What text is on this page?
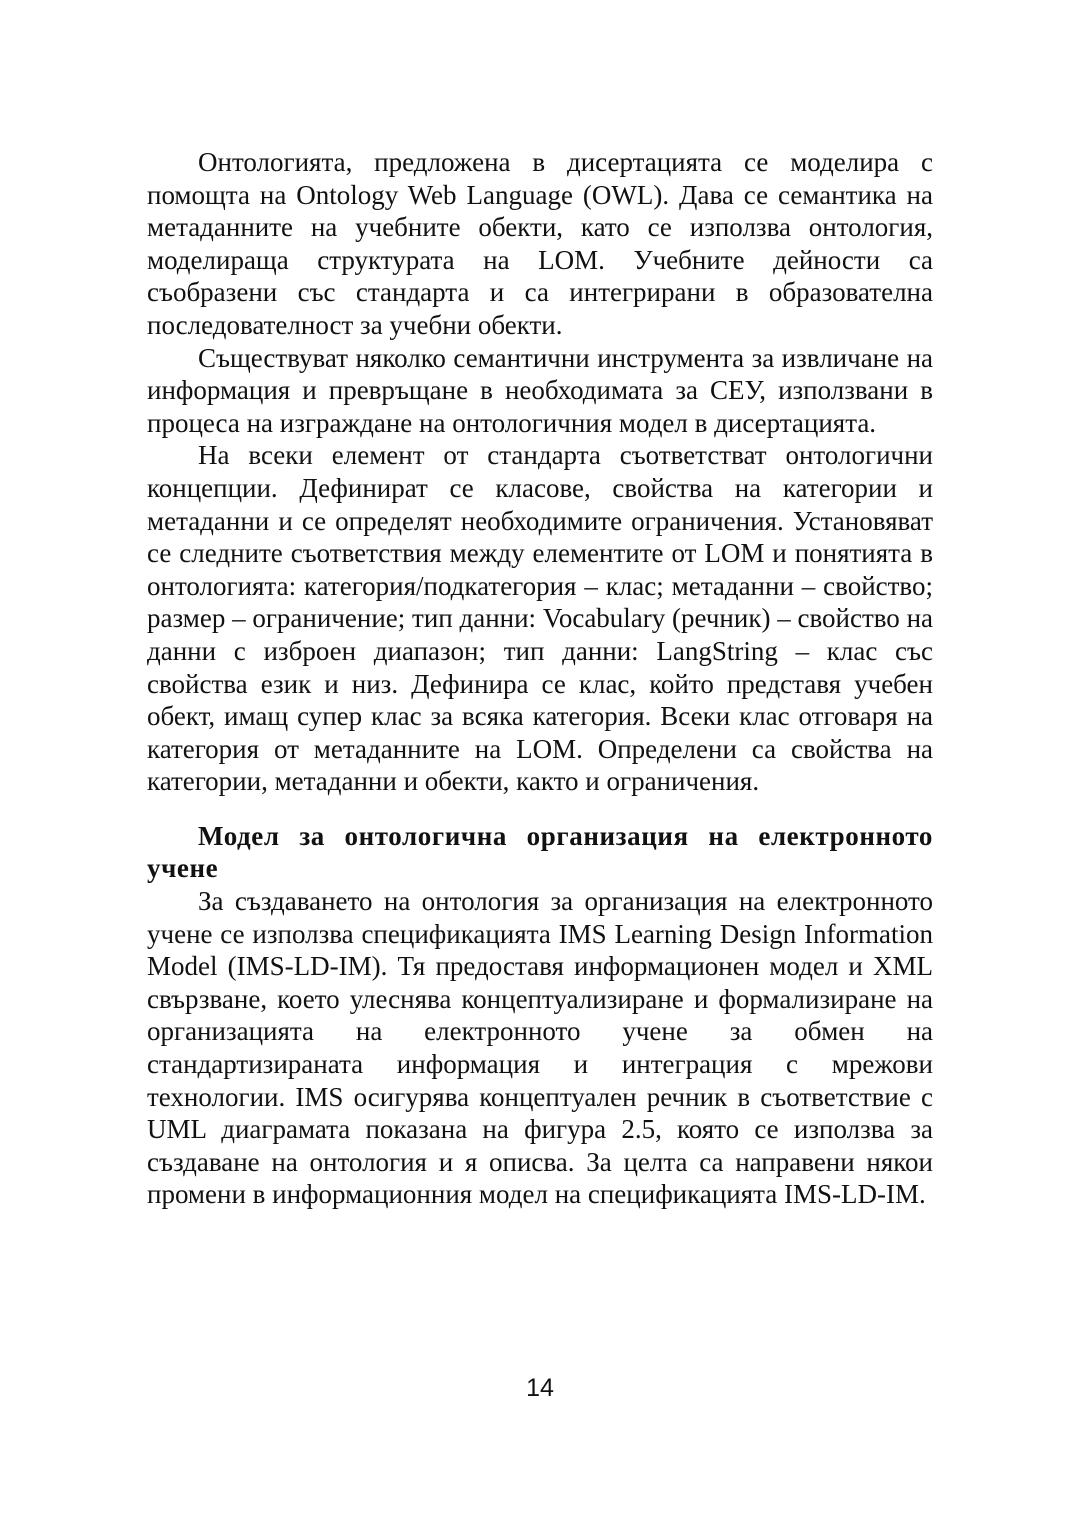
Онтологията, предложена в дисертацията се моделира с помощта на Ontology Web Language (OWL). Дава се семантика на метаданните на учебните обекти, като се използва онтология, моделираща структурата на LOM. Учебните дейности са съобразени със стандарта и са интегрирани в образователна последователност за учебни обекти.

Съществуват няколко семантични инструмента за извличане на информация и превръщане в необходимата за СЕУ, използвани в процеса на изграждане на онтологичния модел в дисертацията.

На всеки елемент от стандарта съответстват онтологични концепции. Дефинират се класове, свойства на категории и метаданни и се определят необходимите ограничения. Установяват се следните съответствия между елементите от LOM и понятията в онтологията: категория/подкатегория – клас; метаданни – свойство; размер – ограничение; тип данни: Vocabulary (речник) – свойство на данни с изброен диапазон; тип данни: LangString – клас със свойства език и низ. Дефинира се клас, който представя учебен обект, имащ супер клас за всяка категория. Всеки клас отговаря на категория от метаданните на LOM. Определени са свойства на категории, метаданни и обекти, както и ограничения.

Модел за онтологична организация на електронното учене

За създаването на онтология за организация на електронното учене се използва спецификацията IMS Learning Design Information Model (IMS-LD-IM). Тя предоставя информационен модел и XML свързване, което улеснява концептуализиране и формализиране на организацията на електронното учене за обмен на стандартизираната информация и интеграция с мрежови технологии. IMS осигурява концептуален речник в съответствие с UML диаграмата показана на фигура 2.5, която се използва за създаване на онтология и я описва. За целта са направени някои промени в информационния модел на спецификацията IMS-LD-IM.

14
